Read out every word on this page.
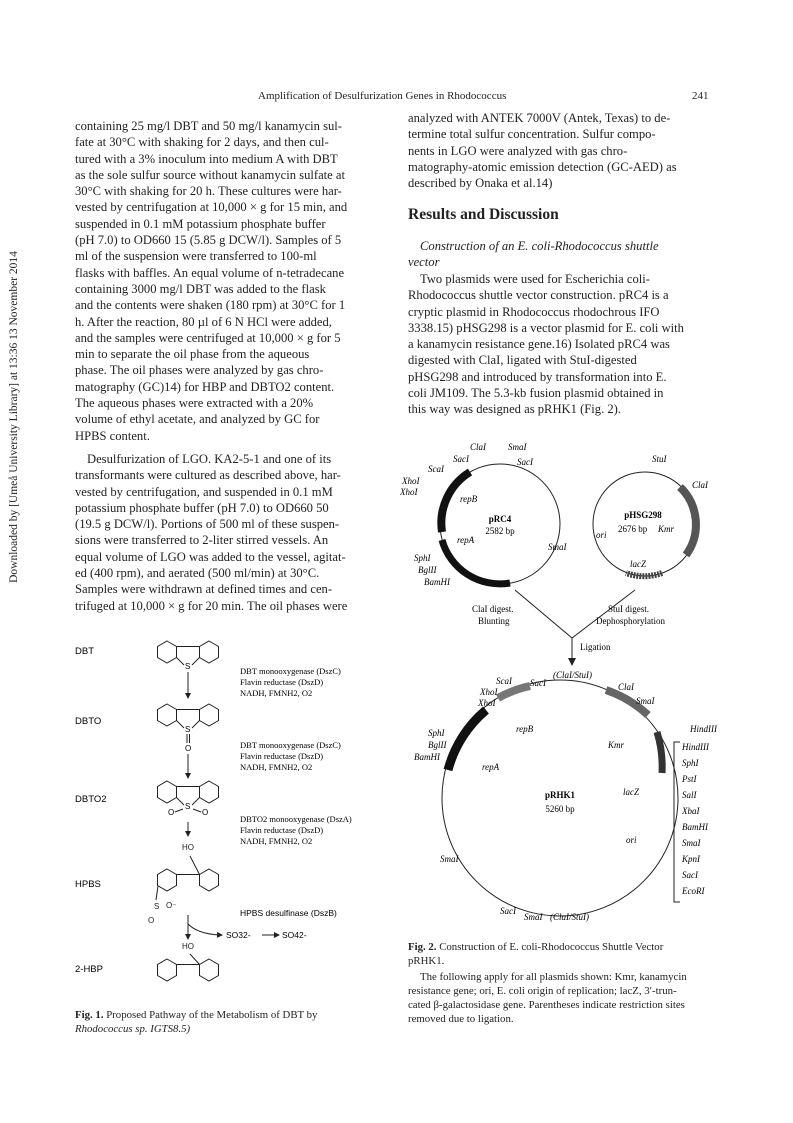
Amplification of Desulfurization Genes in Rhodococcus	241
Downloaded by [Umeå University Library] at 13:36 13 November 2014

containing 25 mg/l DBT and 50 mg/l kanamycin sul-

fate at 30°C with shaking for 2 days, and then cul-

tured with a 3% inoculum into medium A with DBT

as the sole sulfur source without kanamycin sulfate at

30°C with shaking for 20 h. These cultures were har-

vested by centrifugation at 10,000 × g for 15 min, and

suspended in 0.1 mM potassium phosphate buffer

(pH 7.0) to OD660 15 (5.85 g DCW/l). Samples of 5

ml of the suspension were transferred to 100-ml

flasks with baffles. An equal volume of n-tetradecane

containing 3000 mg/l DBT was added to the flask

and the contents were shaken (180 rpm) at 30°C for 1

h. After the reaction, 80 µl of 6 N HCl were added,

and the samples were centrifuged at 10,000 × g for 5

min to separate the oil phase from the aqueous

phase. The oil phases were analyzed by gas chro-

matography (GC)14) for HBP and DBTO2 content.

The aqueous phases were extracted with a 20%

volume of ethyl acetate, and analyzed by GC for

HPBS content.

Desulfurization of LGO. KA2-5-1 and one of its

transformants were cultured as described above, har-

vested by centrifugation, and suspended in 0.1 mM

potassium phosphate buffer (pH 7.0) to OD660 50

(19.5 g DCW/l). Portions of 500 ml of these suspen-

sions were transferred to 2-liter stirred vessels. An

equal volume of LGO was added to the vessel, agitat-

ed (400 rpm), and aerated (500 ml/min) at 30°C.

Samples were withdrawn at defined times and cen-

trifuged at 10,000 × g for 20 min. The oil phases were

analyzed with ANTEK 7000V (Antek, Texas) to de-

termine total sulfur concentration. Sulfur compo-

nents in LGO were analyzed with gas chro-

matography-atomic emission detection (GC-AED) as

described by Onaka et al.14)

Results and Discussion
Construction of an E. coli-Rhodococcus shuttle
vector

Two plasmids were used for Escherichia coli-

Rhodococcus shuttle vector construction. pRC4 is a

cryptic plasmid in Rhodococcus rhodochrous IFO

3338.15) pHSG298 is a vector plasmid for E. coli with

a kanamycin resistance gene.16) Isolated pRC4 was

digested with ClaI, ligated with StuI-digested

pHSG298 and introduced by transformation into E.

coli JM109. The 5.3-kb fusion plasmid obtained in

this way was designed as pRHK1 (Fig. 2).

DBT
DBTO
DBTO2
HPBS
2-HBP
S
S
O
S
O	O
HO
S O⁻
O
SO32-	SO42-
HO
DBT monooxygenase (DszC)
Flavin reductase (DszD)
NADH, FMNH2, O2
DBT monooxygenase (DszC)
Flavin reductase (DszD)
NADH, FMNH2, O2
DBTO2 monooxygenase (DszA)
Flavin reductase (DszD)
NADH, FMNH2, O2
HPBS desulfinase (DszB)
Fig. 1. Proposed Pathway of the Metabolism of DBT by
Rhodococcus sp. IGTS8.5)
pRC4
2582 bp
ClaI SmaI
SacI	SacI
ScaI
XhoI
XhoI
SmaI
SphI
BglII
BamHI
repB
repA
pHSG298
2676 bp Kmr
StuI
ClaI
ori
lacZ
ClaI digest.
Blunting
StuI digest.
Dephosphorylation
Ligation
pRHK1
5260 bp
ScaI SacI
(ClaI/StuI)
ClaI
XhoI
XhoI	SmaI
HindIII
SphI
BglII
BamHI
SmaI
SacI
SmaI (ClaI/StuI)
repB
repA
Kmr
lacZ
ori
HindIII
SphI
PstI
SalI
XbaI
BamHI
SmaI
KpnI
SacI
EcoRI
Fig. 2. Construction of E. coli-Rhodococcus Shuttle Vector
pRHK1.
The following apply for all plasmids shown: Kmr, kanamycin
resistance gene; ori, E. coli origin of replication; lacZ, 3′-trun-
cated β-galactosidase gene. Parentheses indicate restriction sites
removed due to ligation.
